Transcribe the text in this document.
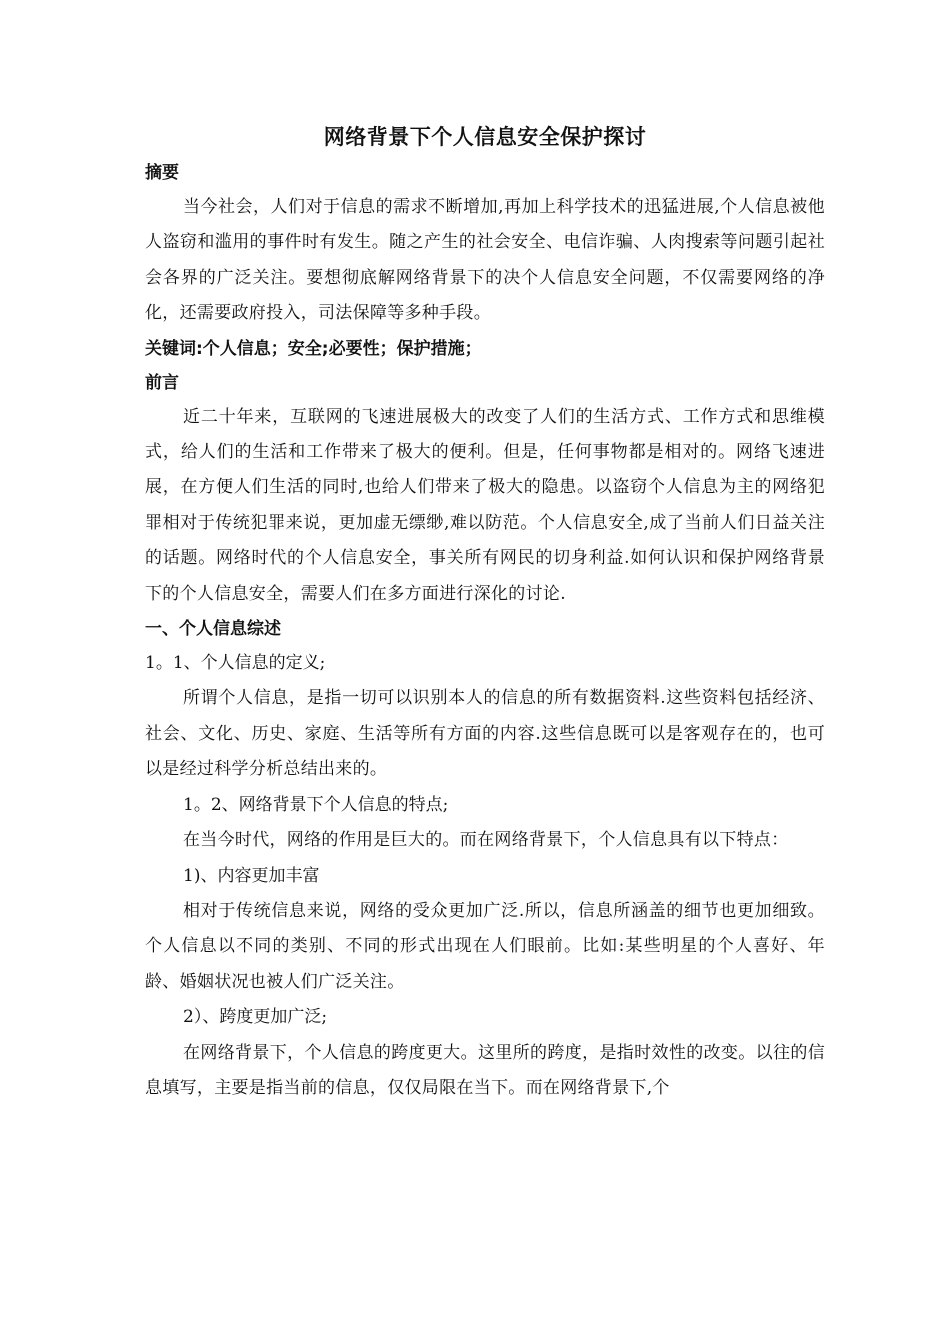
网络背景下个人信息安全保护探讨
摘要

当今社会，人们对于信息的需求不断增加,再加上科学技术的迅猛进展,个人信息被他人盗窃和滥用的事件时有发生。随之产生的社会安全、电信诈骗、人肉搜索等问题引起社会各界的广泛关注。要想彻底解网络背景下的决个人信息安全问题，不仅需要网络的净化，还需要政府投入，司法保障等多种手段。

关键词:个人信息；安全;必要性；保护措施；
前言

近二十年来，互联网的飞速进展极大的改变了人们的生活方式、工作方式和思维模式，给人们的生活和工作带来了极大的便利。但是，任何事物都是相对的。网络飞速进展，在方便人们生活的同时,也给人们带来了极大的隐患。以盗窃个人信息为主的网络犯罪相对于传统犯罪来说，更加虚无缥缈,难以防范。个人信息安全,成了当前人们日益关注的话题。网络时代的个人信息安全，事关所有网民的切身利益.如何认识和保护网络背景下的个人信息安全，需要人们在多方面进行深化的讨论.

一、个人信息综述

1。1、个人信息的定义;

所谓个人信息，是指一切可以识别本人的信息的所有数据资料.这些资料包括经济、社会、文化、历史、家庭、生活等所有方面的内容.这些信息既可以是客观存在的，也可以是经过科学分析总结出来的。

1。2、网络背景下个人信息的特点;

在当今时代，网络的作用是巨大的。而在网络背景下，个人信息具有以下特点：

1)、内容更加丰富

相对于传统信息来说，网络的受众更加广泛.所以，信息所涵盖的细节也更加细致。个人信息以不同的类别、不同的形式出现在人们眼前。比如:某些明星的个人喜好、年龄、婚姻状况也被人们广泛关注。

2）、跨度更加广泛;

在网络背景下，个人信息的跨度更大。这里所的跨度，是指时效性的改变。以往的信息填写，主要是指当前的信息，仅仅局限在当下。而在网络背景下,个
